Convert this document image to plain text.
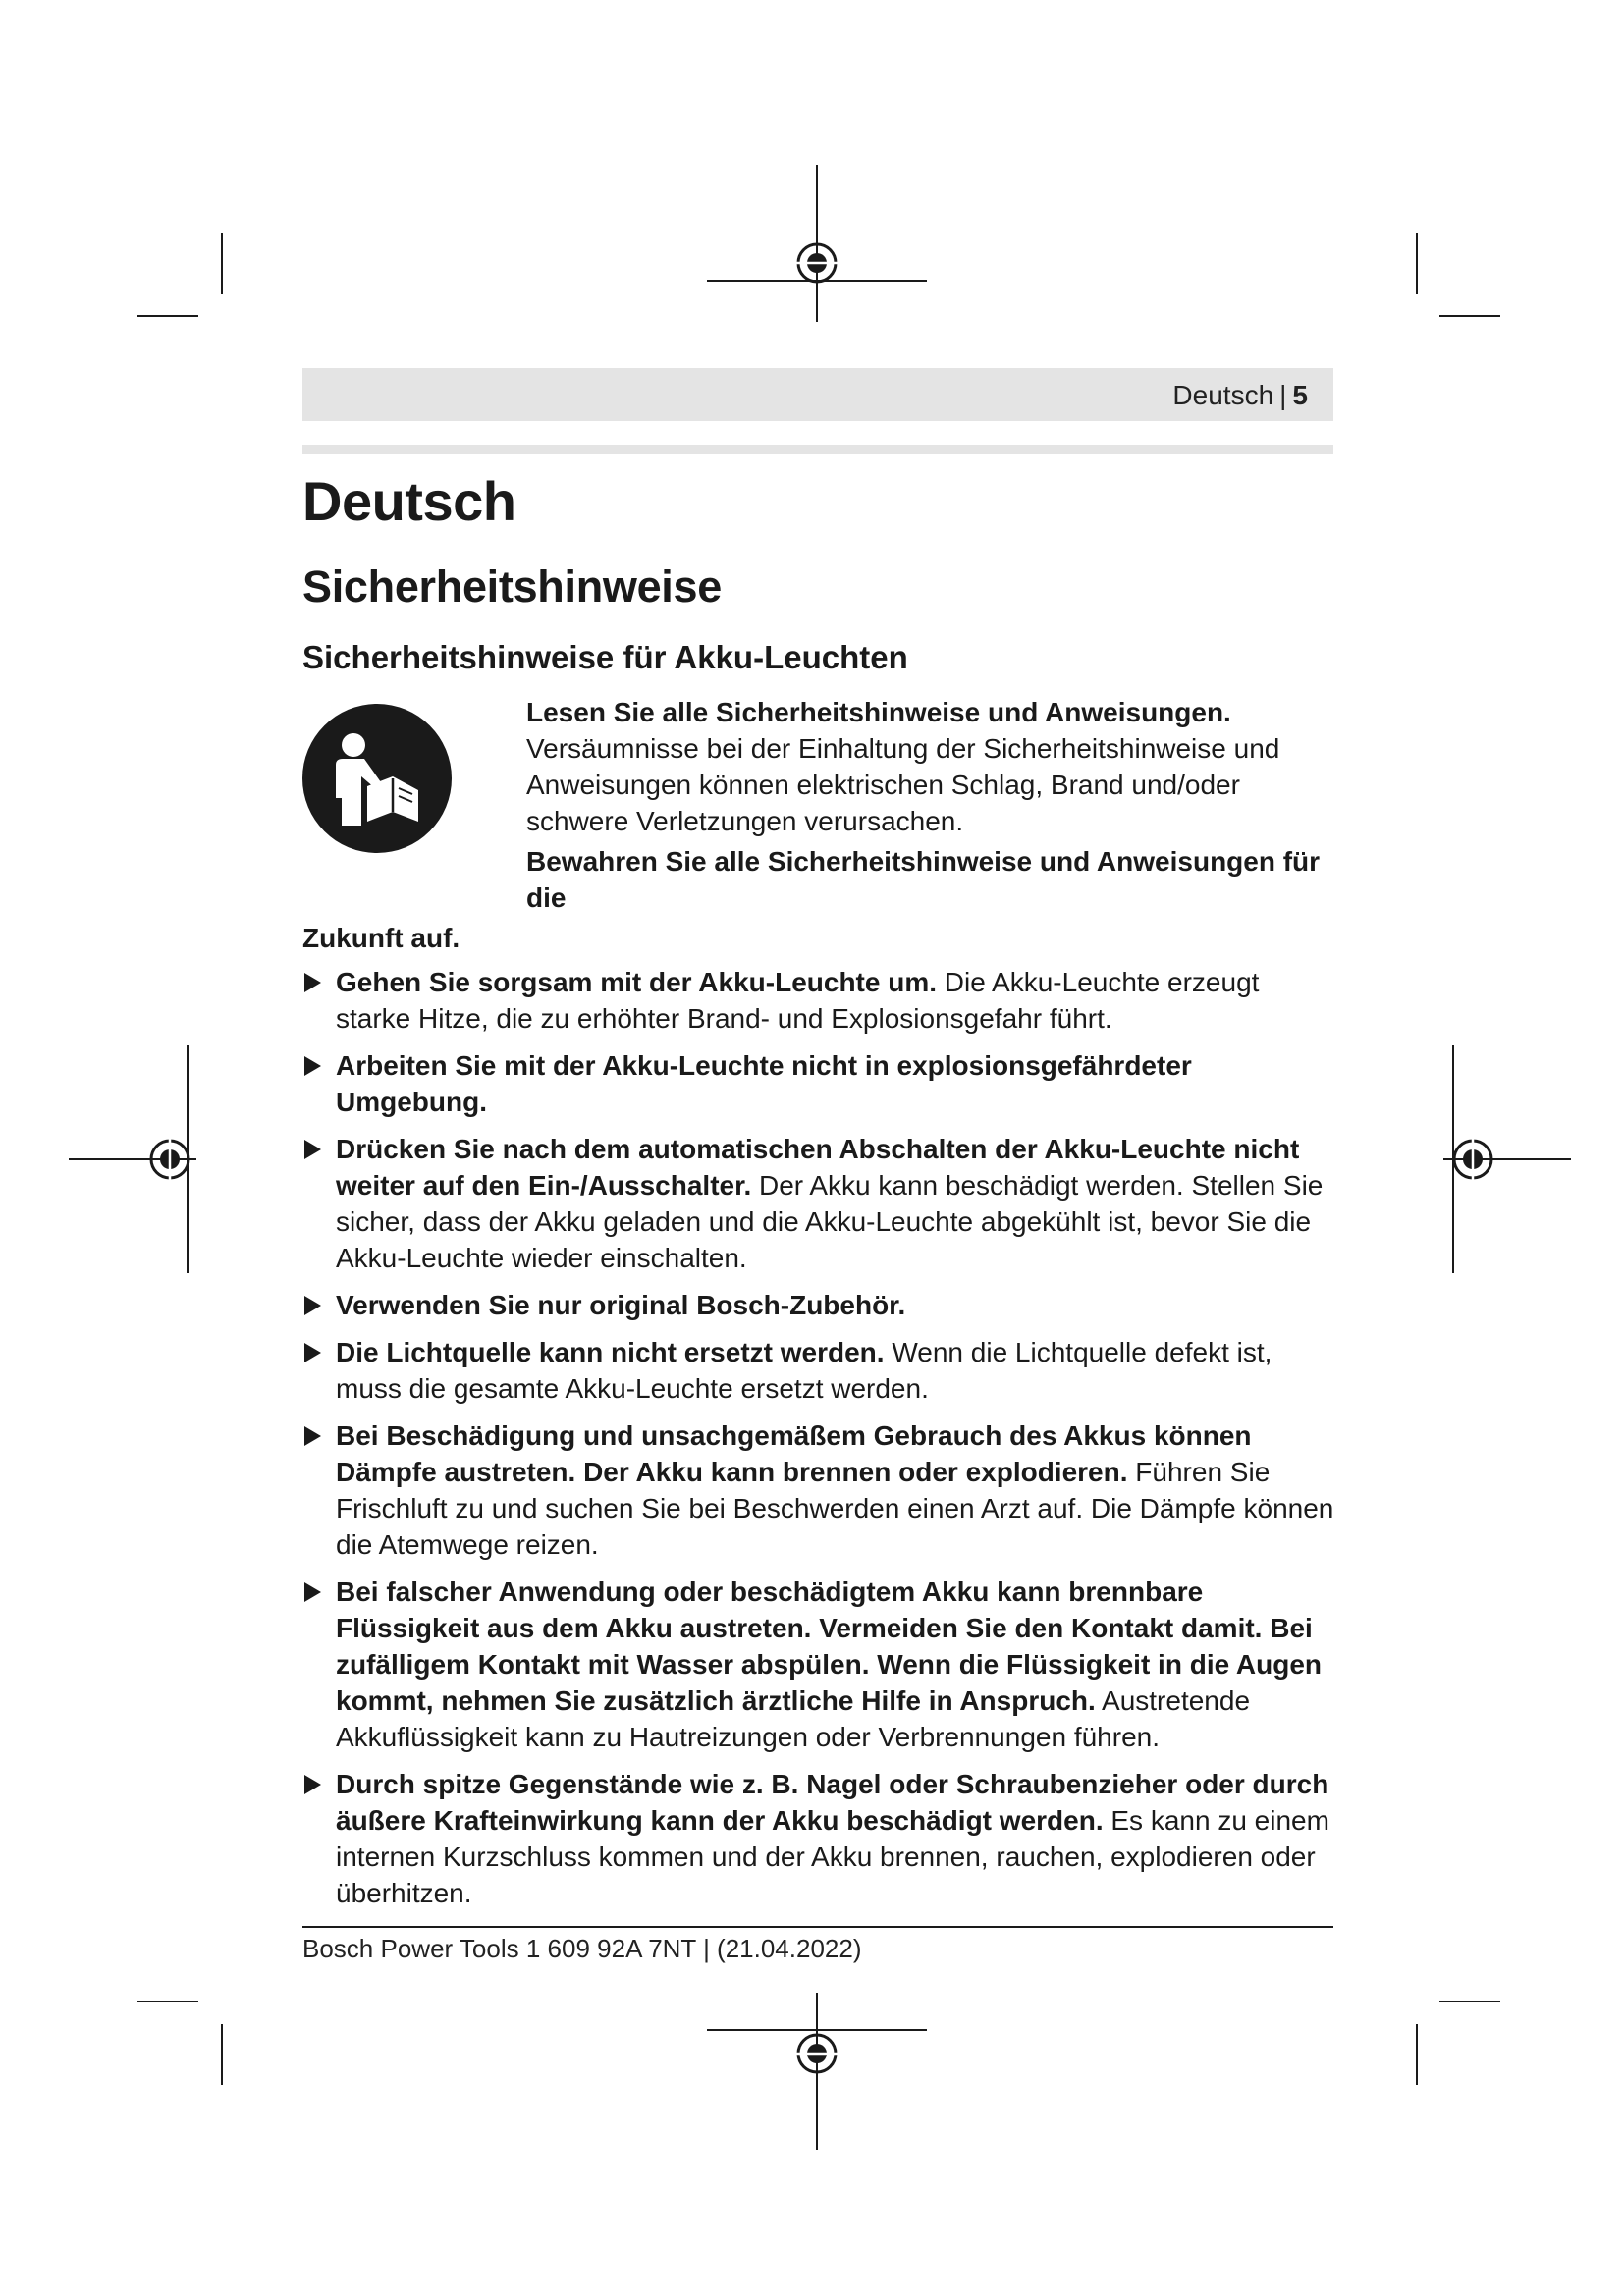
Deutsch | 5
Deutsch
Sicherheitshinweise
Sicherheitshinweise für Akku-Leuchten
Lesen Sie alle Sicherheitshinweise und Anweisungen. Versäumnisse bei der Einhaltung der Sicherheitshinweise und Anweisungen können elektrischen Schlag, Brand und/oder schwere Verletzungen verursachen.
Bewahren Sie alle Sicherheitshinweise und Anweisungen für die
Zukunft auf.
Gehen Sie sorgsam mit der Akku-Leuchte um. Die Akku-Leuchte erzeugt starke Hitze, die zu erhöhter Brand- und Explosionsgefahr führt.
Arbeiten Sie mit der Akku-Leuchte nicht in explosionsgefährdeter Umgebung.
Drücken Sie nach dem automatischen Abschalten der Akku-Leuchte nicht weiter auf den Ein-/Ausschalter. Der Akku kann beschädigt werden. Stellen Sie sicher, dass der Akku geladen und die Akku-Leuchte abgekühlt ist, bevor Sie die Akku-Leuchte wieder einschalten.
Verwenden Sie nur original Bosch-Zubehör.
Die Lichtquelle kann nicht ersetzt werden. Wenn die Lichtquelle defekt ist, muss die gesamte Akku-Leuchte ersetzt werden.
Bei Beschädigung und unsachgemäßem Gebrauch des Akkus können Dämpfe austreten. Der Akku kann brennen oder explodieren. Führen Sie Frischluft zu und suchen Sie bei Beschwerden einen Arzt auf. Die Dämpfe können die Atemwege reizen.
Bei falscher Anwendung oder beschädigtem Akku kann brennbare Flüssigkeit aus dem Akku austreten. Vermeiden Sie den Kontakt damit. Bei zufälligem Kontakt mit Wasser abspülen. Wenn die Flüssigkeit in die Augen kommt, nehmen Sie zusätzlich ärztliche Hilfe in Anspruch. Austretende Akkuflüssigkeit kann zu Hautreizungen oder Verbrennungen führen.
Durch spitze Gegenstände wie z. B. Nagel oder Schraubenzieher oder durch äußere Krafteinwirkung kann der Akku beschädigt werden. Es kann zu einem internen Kurzschluss kommen und der Akku brennen, rauchen, explodieren oder überhitzen.
Bosch Power Tools 1 609 92A 7NT | (21.04.2022)
